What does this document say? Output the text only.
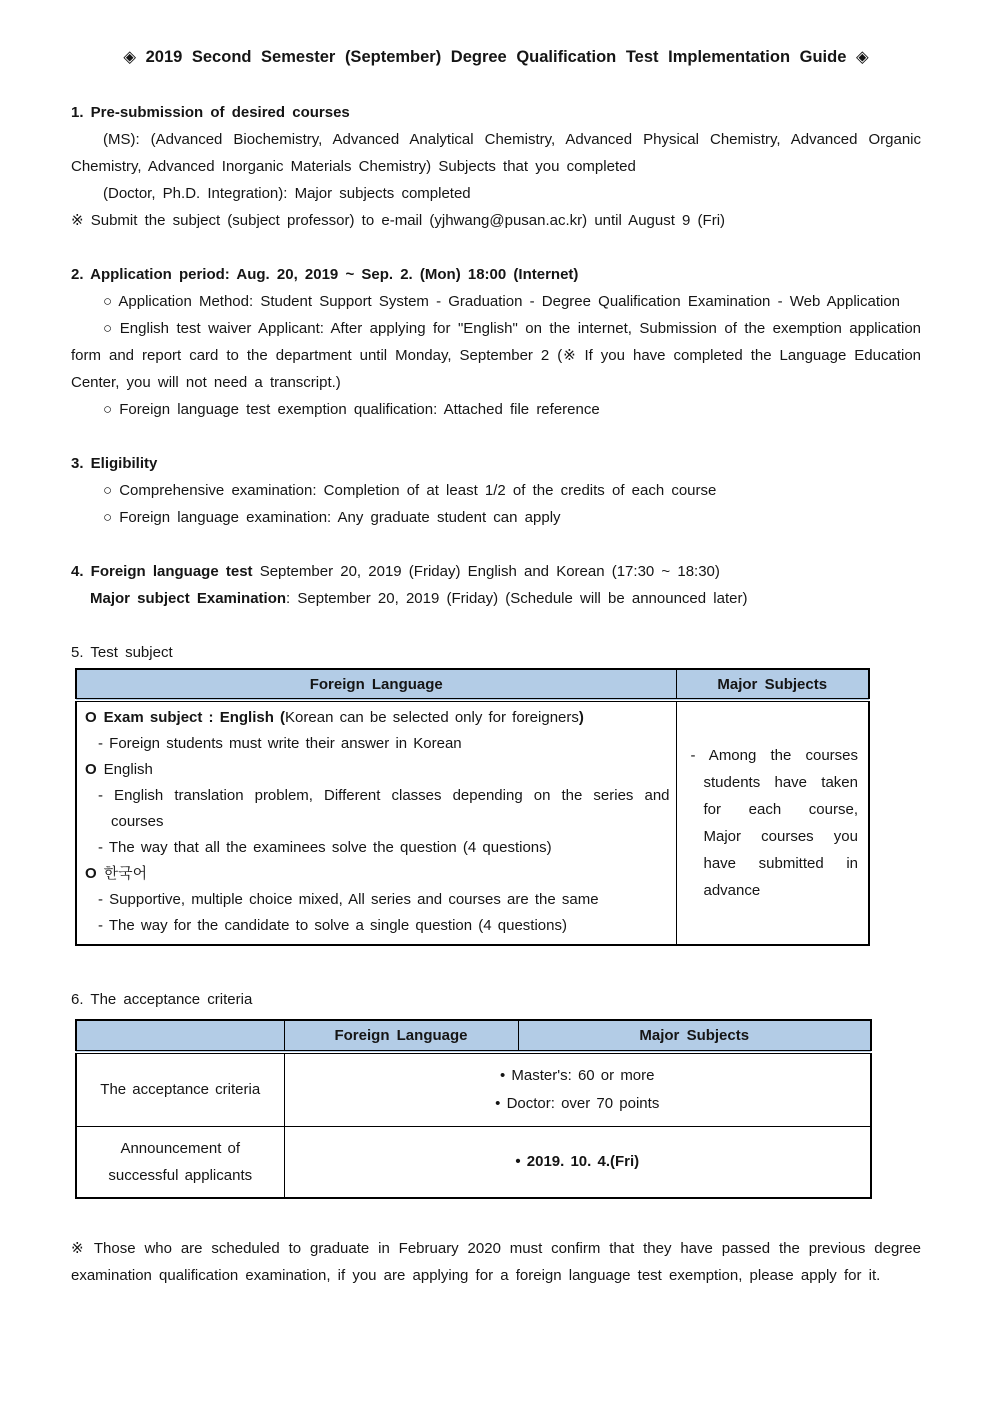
◈ 2019 Second Semester (September) Degree Qualification Test Implementation Guide ◈

1. Pre-submission of desired courses

(MS): (Advanced Biochemistry, Advanced Analytical Chemistry, Advanced Physical Chemistry, Advanced Organic Chemistry, Advanced Inorganic Materials Chemistry) Subjects that you completed

(Doctor, Ph.D. Integration): Major subjects completed

※ Submit the subject (subject professor) to e-mail (yjhwang@pusan.ac.kr) until August 9 (Fri)

2. Application period: Aug. 20, 2019 ~ Sep. 2. (Mon) 18:00 (Internet)

○ Application Method: Student Support System - Graduation - Degree Qualification Examination - Web Application

○ English test waiver Applicant: After applying for "English" on the internet, Submission of the exemption application form and report card to the department until Monday, September 2 (※ If you have completed the Language Education Center, you will not need a transcript.)

○ Foreign language test exemption qualification: Attached file reference

3. Eligibility

○ Comprehensive examination: Completion of at least 1/2 of the credits of each course

○ Foreign language examination: Any graduate student can apply

4. Foreign language test September 20, 2019 (Friday) English and Korean (17:30 ~ 18:30)

Major subject Examination: September 20, 2019 (Friday) (Schedule will be announced later)

5. Test subject

Foreign Language	Major Subjects

O Exam subject : English (Korean can be selected only for foreigners)
- Foreign students must write their answer in Korean
O English
- English translation problem, Different classes depending on the series and courses
- The way that all the examinees solve the question (4 questions)
O 한국어
- Supportive, multiple choice mixed, All series and courses are the same
- The way for the candidate to solve a single question (4 questions)

- Among the courses students have taken for each course, Major courses you have submitted in advance

6. The acceptance criteria

	Foreign Language	Major Subjects
The acceptance criteria	• Master's: 60 or more
• Doctor: over 70 points	

Announcement of
successful applicants	• 2019. 10. 4.(Fri)	

※ Those who are scheduled to graduate in February 2020 must confirm that they have passed the previous degree examination qualification examination, if you are applying for a foreign language test exemption, please apply for it.
